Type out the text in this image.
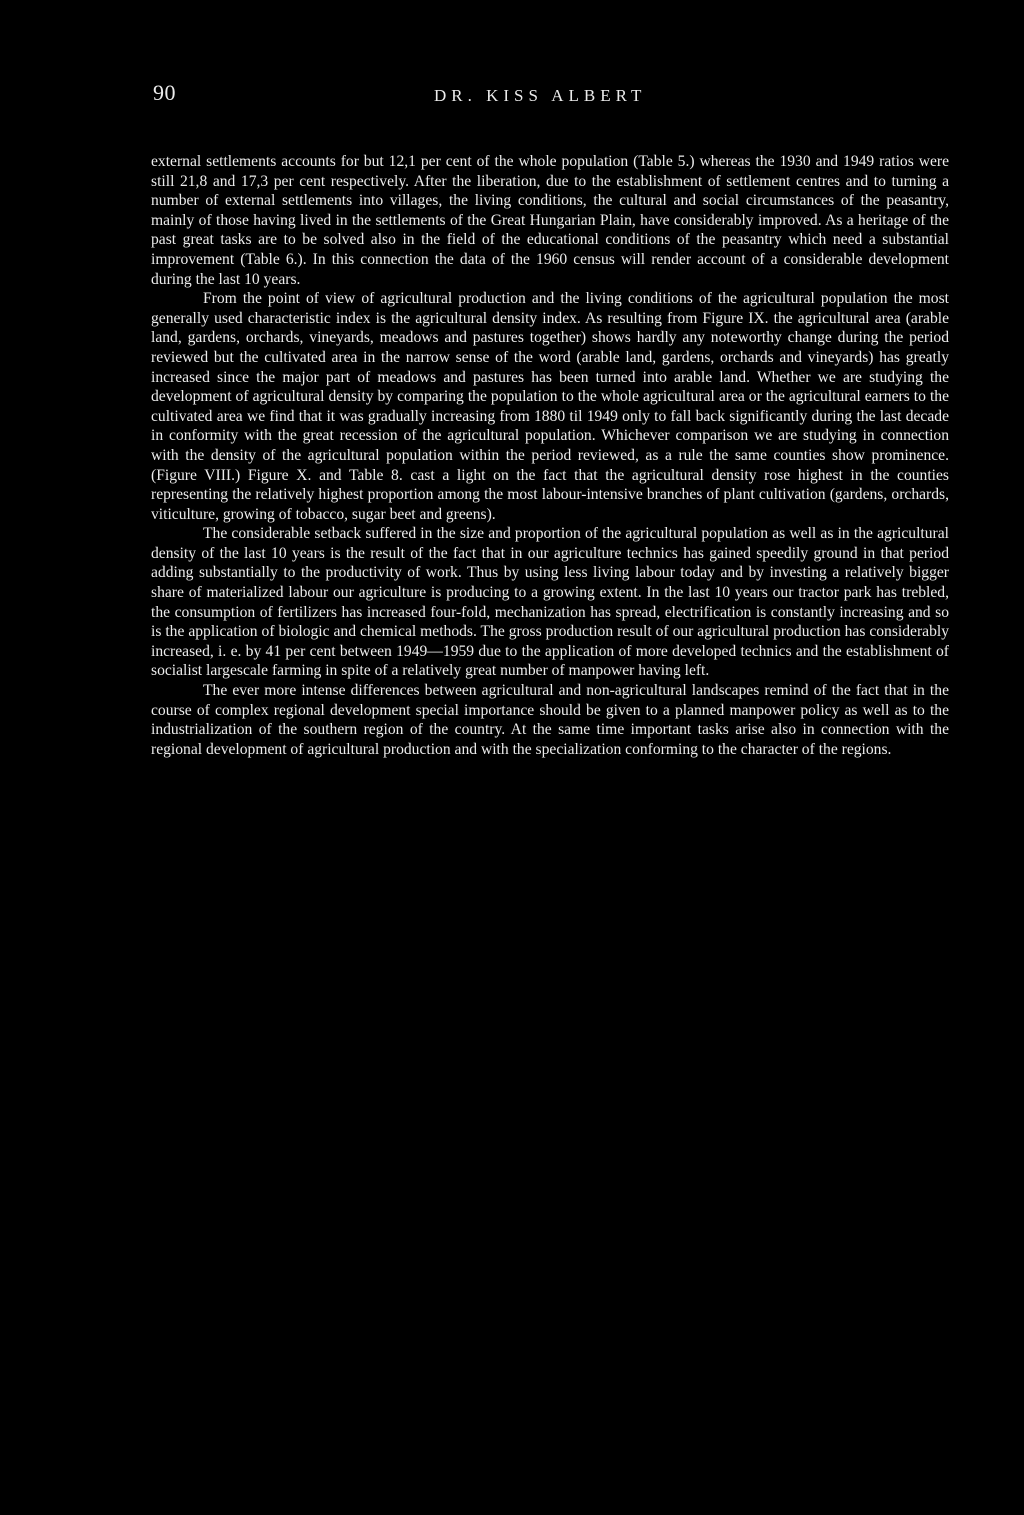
90	DR. KISS ALBERT

external settlements accounts for but 12,1 per cent of the whole population (Table 5.) whereas the 1930 and 1949 ratios were still 21,8 and 17,3 per cent respectively. After the liberation, due to the establishment of settlement centres and to turning a number of external settlements into villages, the living conditions, the cultural and social circumstances of the peasantry, mainly of those having lived in the settlements of the Great Hungarian Plain, have considerably improved. As a heritage of the past great tasks are to be solved also in the field of the educational conditions of the peasantry which need a substantial improvement (Table 6.). In this connection the data of the 1960 census will render account of a considerable development during the last 10 years.

From the point of view of agricultural production and the living conditions of the agricultural population the most generally used characteristic index is the agricultural density index. As resulting from Figure IX. the agricultural area (arable land, gardens, orchards, vineyards, meadows and pastures together) shows hardly any noteworthy change during the period reviewed but the cultivated area in the narrow sense of the word (arable land, gardens, orchards and vineyards) has greatly increased since the major part of meadows and pastures has been turned into arable land. Whether we are studying the development of agricultural density by comparing the population to the whole agricultural area or the agricultural earners to the cultivated area we find that it was gradually increasing from 1880 til 1949 only to fall back significantly during the last decade in conformity with the great recession of the agricultural population. Whichever comparison we are studying in connection with the density of the agricultural population within the period reviewed, as a rule the same counties show prominence. (Figure VIII.) Figure X. and Table 8. cast a light on the fact that the agricultural density rose highest in the counties representing the relatively highest proportion among the most labour-intensive branches of plant cultivation (gardens, orchards, viticulture, growing of tobacco, sugar beet and greens).

The considerable setback suffered in the size and proportion of the agricultural population as well as in the agricultural density of the last 10 years is the result of the fact that in our agriculture technics has gained speedily ground in that period adding substantially to the productivity of work. Thus by using less living labour today and by investing a relatively bigger share of materialized labour our agriculture is producing to a growing extent. In the last 10 years our tractor park has trebled, the consumption of fertilizers has increased four-fold, mechanization has spread, electrification is constantly increasing and so is the application of biologic and chemical methods. The gross production result of our agricultural production has considerably increased, i. e. by 41 per cent between 1949—1959 due to the application of more developed technics and the establishment of socialist largescale farming in spite of a relatively great number of manpower having left.

The ever more intense differences between agricultural and non-agricultural landscapes remind of the fact that in the course of complex regional development special importance should be given to a planned manpower policy as well as to the industrialization of the southern region of the country. At the same time important tasks arise also in connection with the regional development of agricultural production and with the specialization conforming to the character of the regions.
